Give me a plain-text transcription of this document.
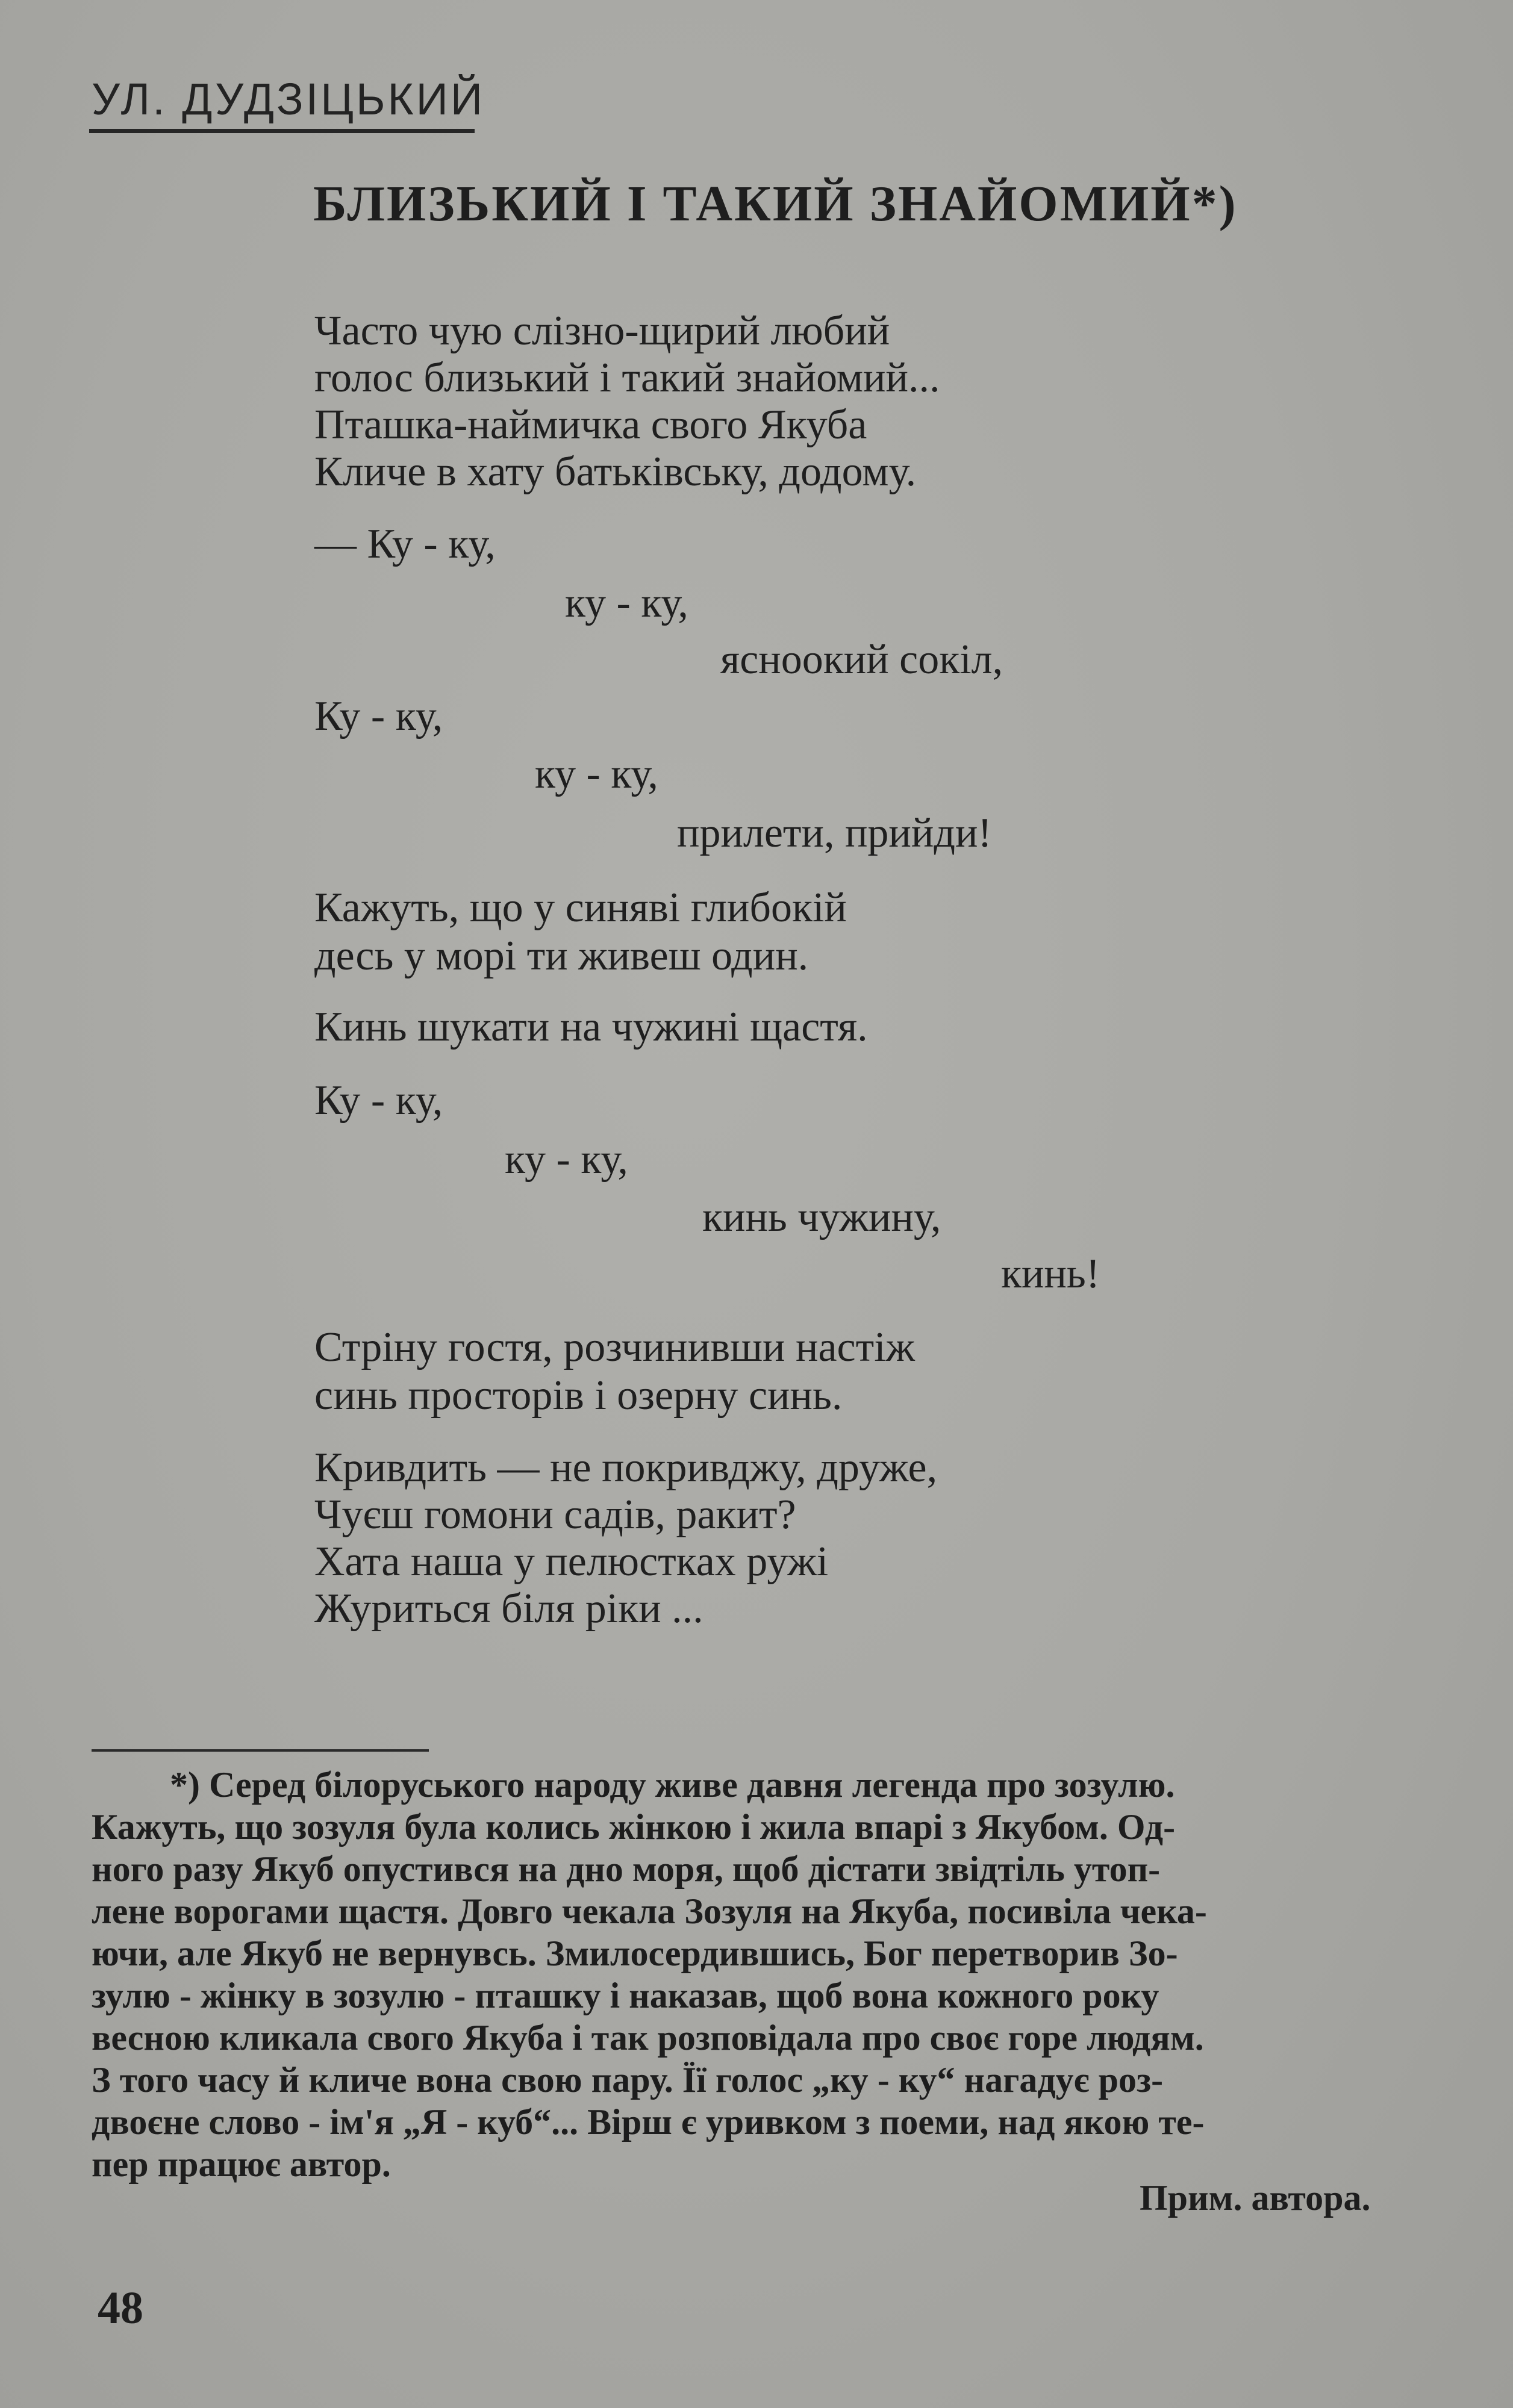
УЛ. ДУДЗІЦЬКИЙ
БЛИЗЬКИЙ І ТАКИЙ ЗНАЙОМИЙ*)
Часто чую слізно-щирий любий
голос близький і такий знайомий...
Пташка-наймичка свого Якуба
Кличе в хату батьківську, додому.
— Ку - ку,
ку - ку,
ясноокий сокіл,
Ку - ку,
ку - ку,
прилети, прийди!
Кажуть, що у синяві глибокій
десь у морі ти живеш один.
Кинь шукати на чужині щастя.
Ку - ку,
ку - ку,
кинь чужину,
кинь!
Стріну гостя, розчинивши настіж
синь просторів і озерну синь.
Кривдить — не покривджу, друже,
Чуєш гомони садів, ракит?
Хата наша у пелюстках ружі
Журиться біля ріки ...
*) Серед білоруського народу живе давня легенда про зозулю.
Кажуть, що зозуля була колись жінкою і жила впарі з Якубом. Од-
ного разу Якуб опустився на дно моря, щоб дістати звідтіль утоп-
лене ворогами щастя. Довго чекала Зозуля на Якуба, посивіла чека-
ючи, але Якуб не вернувсь. Змилосердившись, Бог перетворив Зо-
зулю - жінку в зозулю - пташку і наказав, щоб вона кожного року
весною кликала свого Якуба і так розповідала про своє горе людям.
З того часу й кличе вона свою пару. Її голос „ку - ку“ нагадує роз-
двоєне слово - ім'я „Я - куб“... Вірш є уривком з поеми, над якою те-
пер працює автор.
Прим. автора.
48
